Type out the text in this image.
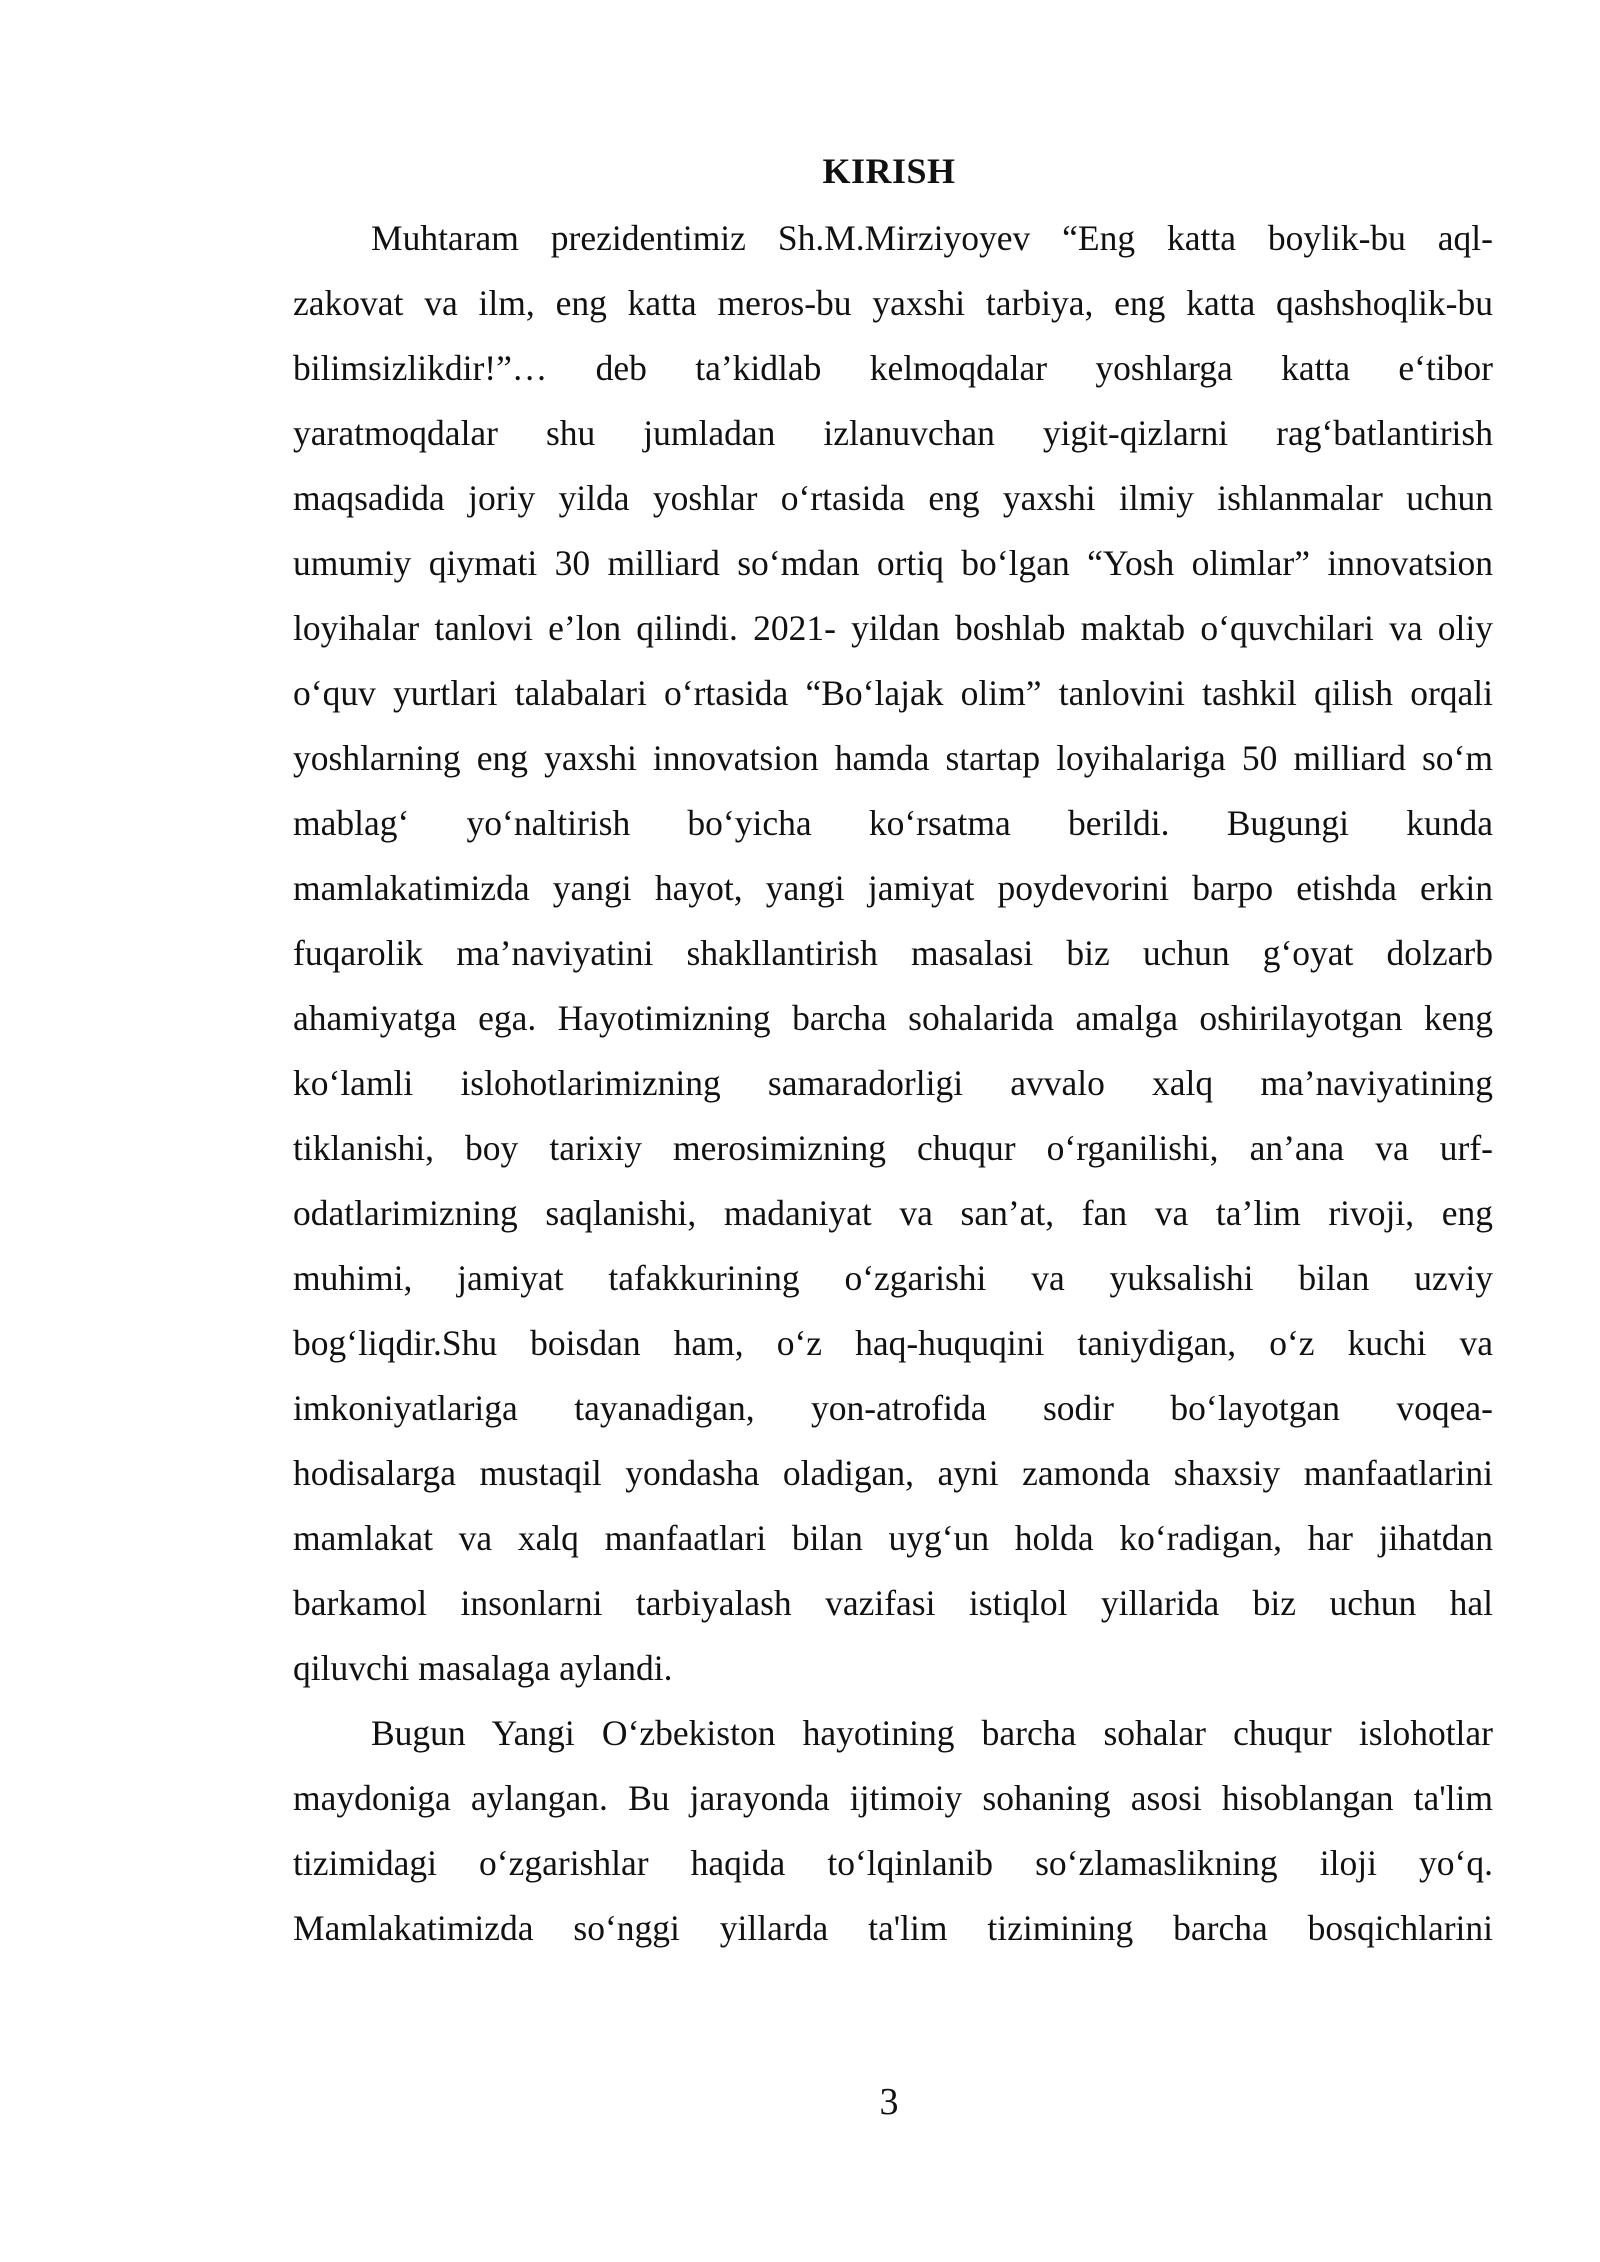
KIRISH
Muhtaram prezidentimiz Sh.M.Mirziyoyev “Eng katta boylik-bu aql-
zakovat va ilm, eng katta meros-bu yaxshi tarbiya, eng katta qashshoqlik-bu
bilimsizlikdir!”… deb ta’kidlab kelmoqdalar yoshlarga katta e‘tibor
yaratmoqdalar shu jumladan izlanuvchan yigit-qizlarni rag‘batlantirish
maqsadida joriy yilda yoshlar o‘rtasida eng yaxshi ilmiy ishlanmalar uchun
umumiy qiymati 30 milliard so‘mdan ortiq bo‘lgan “Yosh olimlar” innovatsion
loyihalar tanlovi e’lon qilindi. 2021- yildan boshlab maktab o‘quvchilari va oliy
o‘quv yurtlari talabalari o‘rtasida “Bo‘lajak olim” tanlovini tashkil qilish orqali
yoshlarning eng yaxshi innovatsion hamda startap loyihalariga 50 milliard so‘m
mablag‘ yo‘naltirish bo‘yicha ko‘rsatma berildi. Bugungi kunda
mamlakatimizda yangi hayot, yangi jamiyat poydevorini barpo etishda erkin
fuqarolik ma’naviyatini shakllantirish masalasi biz uchun g‘oyat dolzarb
ahamiyatga ega. Hayotimizning barcha sohalarida amalga oshirilayotgan keng
ko‘lamli islohotlarimizning samaradorligi avvalo xalq ma’naviyatining
tiklanishi, boy tarixiy merosimizning chuqur o‘rganilishi, an’ana va urf-
odatlarimizning saqlanishi, madaniyat va san’at, fan va ta’lim rivoji, eng
muhimi, jamiyat tafakkurining o‘zgarishi va yuksalishi bilan uzviy
bog‘liqdir.Shu boisdan ham, o‘z haq-huquqini taniydigan, o‘z kuchi va
imkoniyatlariga tayanadigan, yon-atrofida sodir bo‘layotgan voqea-
hodisalarga mustaqil yondasha oladigan, ayni zamonda shaxsiy manfaatlarini
mamlakat va xalq manfaatlari bilan uyg‘un holda ko‘radigan, har jihatdan
barkamol insonlarni tarbiyalash vazifasi istiqlol yillarida biz uchun hal
qiluvchi masalaga aylandi.
Bugun Yangi O‘zbekiston hayotining barcha sohalar chuqur islohotlar
maydoniga aylangan. Bu jarayonda ijtimoiy sohaning asosi hisoblangan ta'lim
tizimidagi o‘zgarishlar haqida to‘lqinlanib so‘zlamaslikning iloji yo‘q.
Mamlakatimizda so‘nggi yillarda ta'lim tizimining barcha bosqichlarini
3
